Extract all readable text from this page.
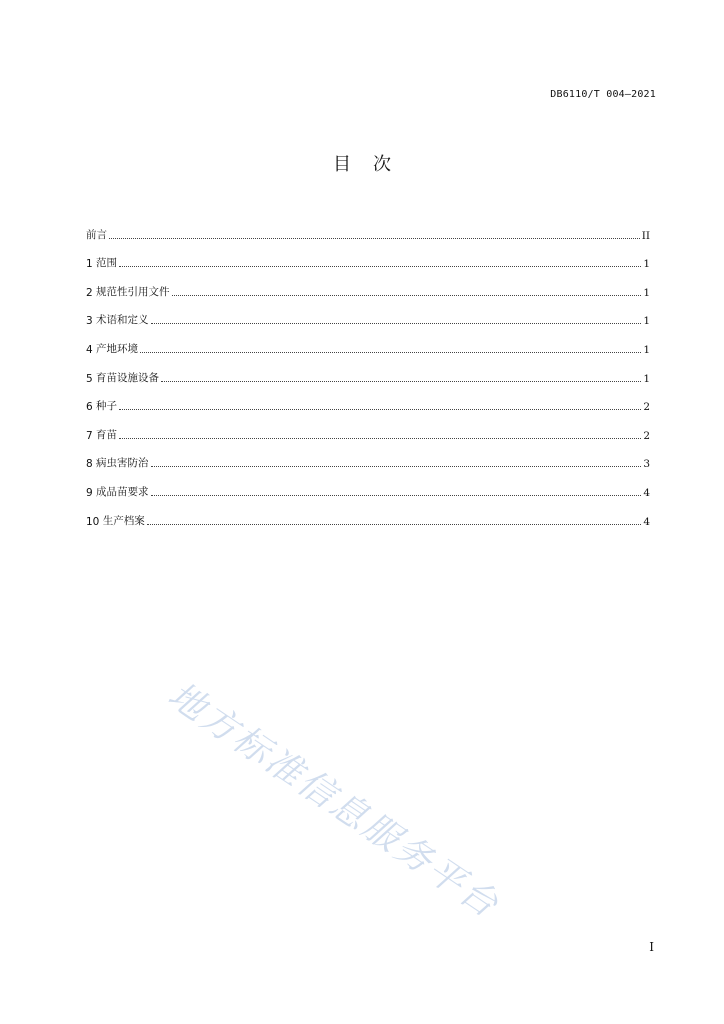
DB6110/T 004—2021
目 次
前言	II
1 范围	1
2 规范性引用文件	1
3 术语和定义	1
4 产地环境	1
5 育苗设施设备	1
6 种子	2
7 育苗	2
8 病虫害防治	3
9 成品苗要求	4
10 生产档案	4
地方标准信息服务平台
I
